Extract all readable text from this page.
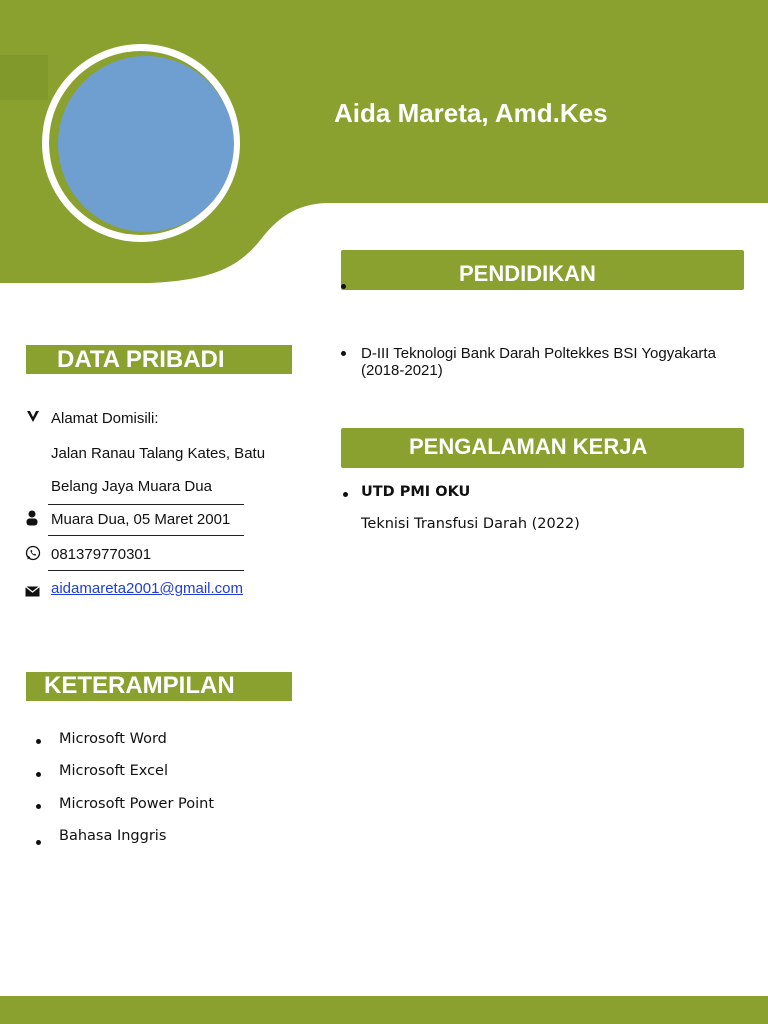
Aida Mareta, Amd.Kes
DATA PRIBADI
Alamat Domisili:
Jalan Ranau Talang Kates, Batu
Belang Jaya Muara Dua
Muara Dua, 05 Maret 2001
081379770301
aidamareta2001@gmail.com
KETERAMPILAN
Microsoft Word
Microsoft Excel
Microsoft Power Point
Bahasa Inggris
PENDIDIKAN
D-III Teknologi Bank Darah Poltekkes BSI Yogyakarta (2018-2021)
PENGALAMAN KERJA
UTD PMI OKU
Teknisi Transfusi Darah (2022)
